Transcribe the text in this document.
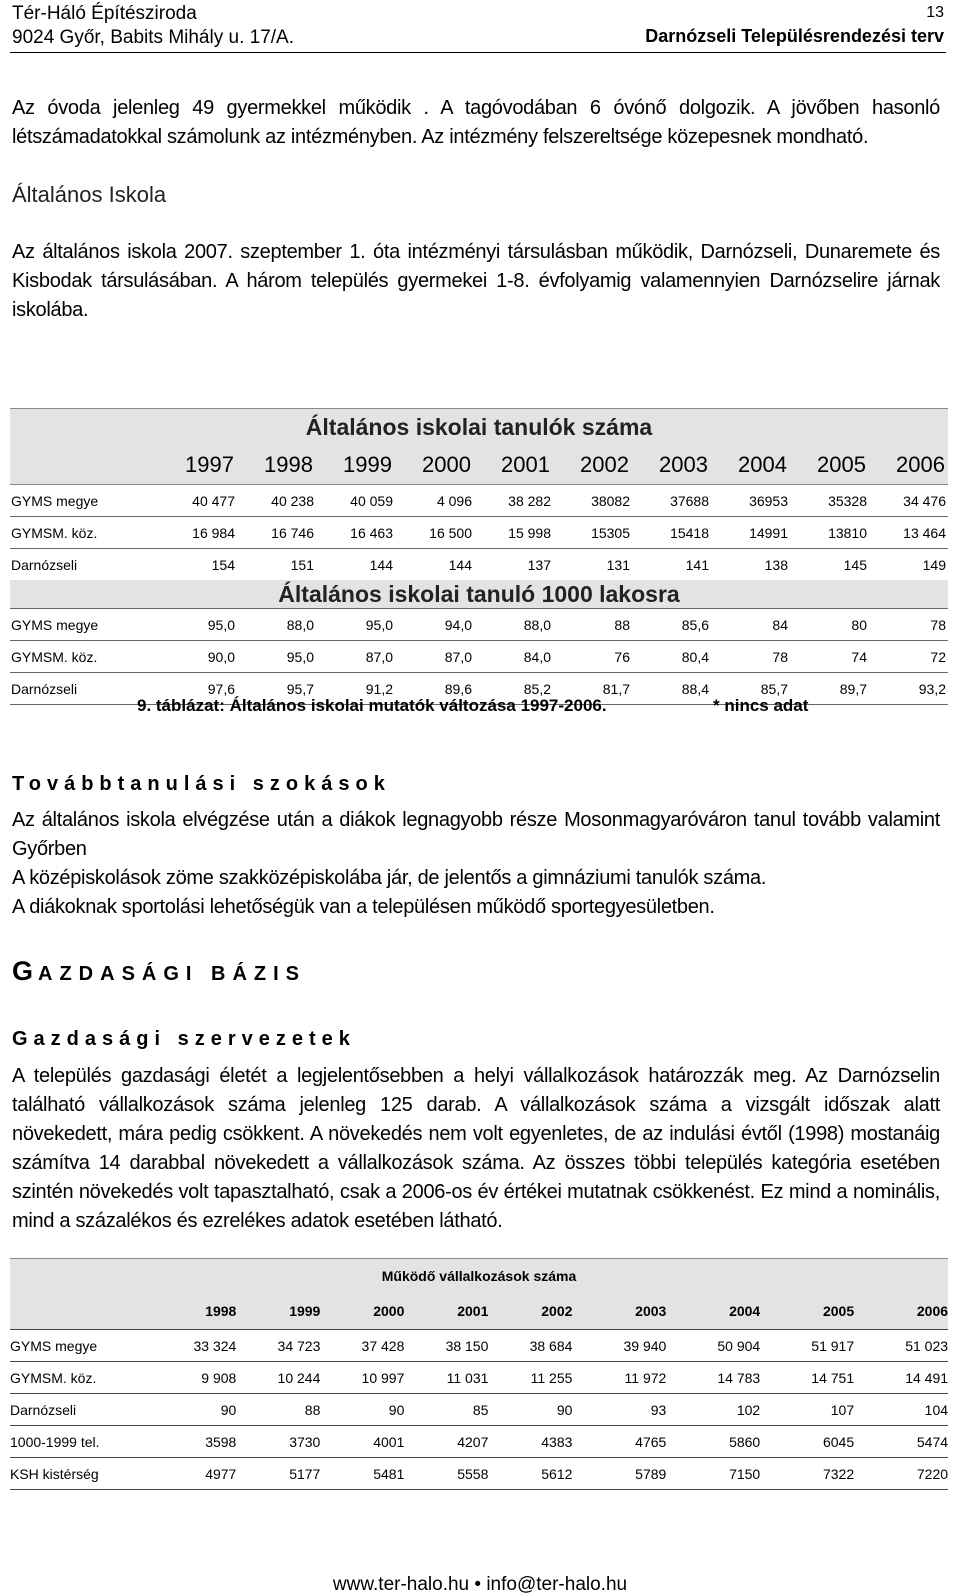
Tér-Háló Építésziroda
9024 Győr, Babits Mihály u. 17/A.
13
Darnózseli Településrendezési terv
Az óvoda jelenleg 49 gyermekkel működik . A tagóvodában 6 óvónő dolgozik. A jövőben hasonló létszámadatokkal számolunk az intézményben. Az intézmény felszereltsége közepesnek mondható.
Általános Iskola
Az általános iskola 2007. szeptember 1. óta intézményi társulásban működik, Darnózseli, Dunaremete és Kisbodak társulásában. A három település gyermekei 1-8. évfolyamig valamennyien Darnózselire járnak iskolába.
Általános iskolai tanulók száma
1997	1998	1999	2000	2001	2002	2003	2004	2005	2006
GYMS megye	40 477	40 238	40 059	4 096	38 282	38082	37688	36953	35328	34 476
GYMSM. köz.	16 984	16 746	16 463	16 500	15 998	15305	15418	14991	13810	13 464
Darnózseli	154	151	144	144	137	131	141	138	145	149
Általános iskolai tanuló 1000 lakosra
GYMS megye	95,0	88,0	95,0	94,0	88,0	88	85,6	84	80	78
GYMSM. köz.	90,0	95,0	87,0	87,0	84,0	76	80,4	78	74	72
Darnózseli	97,6	95,7	91,2	89,6	85,2	81,7	88,4	85,7	89,7	93,2
9. táblázat: Általános iskolai mutatók változása 1997-2006.	* nincs adat
Továbbtanulási szokások
Az általános iskola elvégzése után a diákok legnagyobb része Mosonmagyaróváron tanul tovább valamint Győrben
A középiskolások zöme szakközépiskolába jár, de jelentős a gimnáziumi tanulók száma.
A diákoknak sportolási lehetőségük van a településen működő sportegyesületben.
GAZDASÁGI BÁZIS
Gazdasági szervezetek
A település gazdasági életét a legjelentősebben a helyi vállalkozások határozzák meg. Az Darnózselin található vállalkozások száma jelenleg 125 darab. A vállalkozások száma a vizsgált időszak alatt növekedett, mára pedig csökkent. A növekedés nem volt egyenletes, de az indulási évtől (1998) mostanáig számítva 14 darabbal növekedett a vállalkozások száma. Az összes többi település kategória esetében szintén növekedés volt tapasztalható, csak a 2006-os év értékei mutatnak csökkenést. Ez mind a nominális, mind a százalékos és ezrelékes adatok esetében látható.
Működő vállalkozások száma
1998	1999	2000	2001	2002	2003	2004	2005	2006
GYMS megye	33 324	34 723	37 428	38 150	38 684	39 940	50 904	51 917	51 023
GYMSM. köz.	9 908	10 244	10 997	11 031	11 255	11 972	14 783	14 751	14 491
Darnózseli	90	88	90	85	90	93	102	107	104
1000-1999 tel.	3598	3730	4001	4207	4383	4765	5860	6045	5474
KSH kistérség	4977	5177	5481	5558	5612	5789	7150	7322	7220
www.ter-halo.hu • info@ter-halo.hu
